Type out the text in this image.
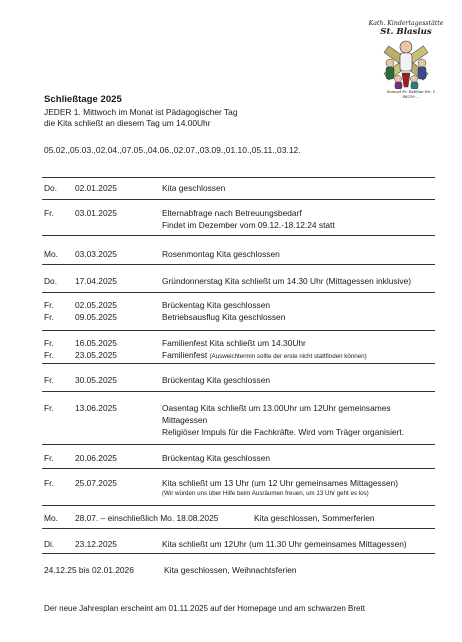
Kath. Kindertagesstätte
St. Blasius
Samuel-Fr. Rebhan-Str. 1
88239 ...
Schließtage 2025
JEDER 1. Mittwoch im Monat ist Pädagogischer Tag
die Kita schließt an diesem Tag um 14.00Uhr
05.02.,05.03.,02.04.,07.05.,04.06.,02.07.,03.09.,01.10.,05.11.,03.12.
Do. 02.01.2025	Kita geschlossen
Fr.	03.01.2025	Elternabfrage nach Betreuungsbedarf
Findet im Dezember vom 09.12.-18.12.24 statt
Mo. 03.03.2025	Rosenmontag Kita geschlossen
Do. 17.04.2025	Gründonnerstag Kita schließt um 14.30 Uhr (Mittagessen inklusive)
Fr.	02.05.2025	Brückentag Kita geschlossen
Fr.	09.05.2025	Betriebsausflug Kita geschlossen
Fr.	16.05.2025	Familienfest Kita schließt um 14.30Uhr
Fr.	23.05.2025	Familienfest (Ausweichtermin sollte der erste nicht stattfinden können)
Fr.	30.05.2025	Brückentag Kita geschlossen
Fr.	13.06.2025	Oasentag Kita schließt um 13.00Uhr um 12Uhr gemeinsames
Mittagessen
Religiöser Impuls für die Fachkräfte. Wird vom Träger organisiert.
Fr.	20.06.2025	Brückentag Kita geschlossen
Fr.	25.07.2025	Kita schließt um 13 Uhr (um 12 Uhr gemeinsames Mittagessen)
(Wir würden uns über Hilfe beim Ausräumen freuen, um 13 Uhr geht es los)
Mo. 28.07. – einschließlich Mo. 18.08.2025	Kita geschlossen, Sommerferien
Di. 23.12.2025	Kita schließt um 12Uhr (um 11.30 Uhr gemeinsames Mittagessen)
24.12.25 bis 02.01.2026	Kita geschlossen, Weihnachtsferien
Der neue Jahresplan erscheint am 01.11.2025 auf der Homepage und am schwarzen Brett
